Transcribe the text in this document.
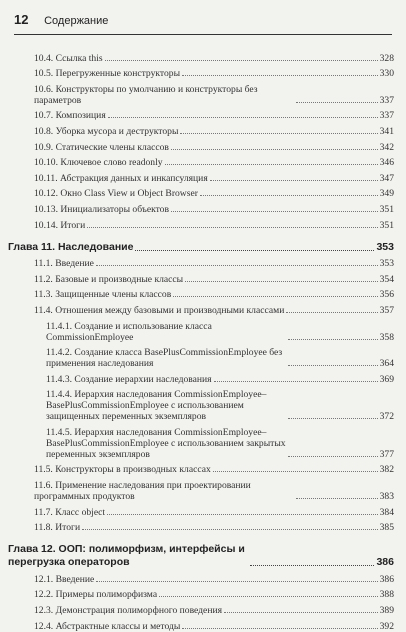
12 Содержание
10.4. Ссылка this	328
10.5. Перегруженные конструкторы	330
10.6. Конструкторы по умолчанию и конструкторы без параметров	337
10.7. Композиция	337
10.8. Уборка мусора и деструкторы	341
10.9. Статические члены классов	342
10.10. Ключевое слово readonly	346
10.11. Абстракция данных и инкапсуляция	347
10.12. Окно Class View и Object Browser	349
10.13. Инициализаторы объектов	351
10.14. Итоги	351
Глава 11. Наследование	353
11.1. Введение	353
11.2. Базовые и производные классы	354
11.3. Защищенные члены классов	356
11.4. Отношения между базовыми и производными классами	357
11.4.1. Создание и использование класса CommissionEmployee	358
11.4.2. Создание класса BasePlusCommissionEmployee без применения наследования	364
11.4.3. Создание иерархии наследования	369
11.4.4. Иерархия наследования CommissionEmployee–BasePlusCommissionEmployee с использованием защищенных переменных экземпляров	372
11.4.5. Иерархия наследования CommissionEmployee–BasePlusCommissionEmployee с использованием закрытых переменных экземпляров	377
11.5. Конструкторы в производных классах	382
11.6. Применение наследования при проектировании программных продуктов	383
11.7. Класс object	384
11.8. Итоги	385
Глава 12. ООП: полиморфизм, интерфейсы и перегрузка операторов	386
12.1. Введение	386
12.2. Примеры полиморфизма	388
12.3. Демонстрация полиморфного поведения	389
12.4. Абстрактные классы и методы	392
